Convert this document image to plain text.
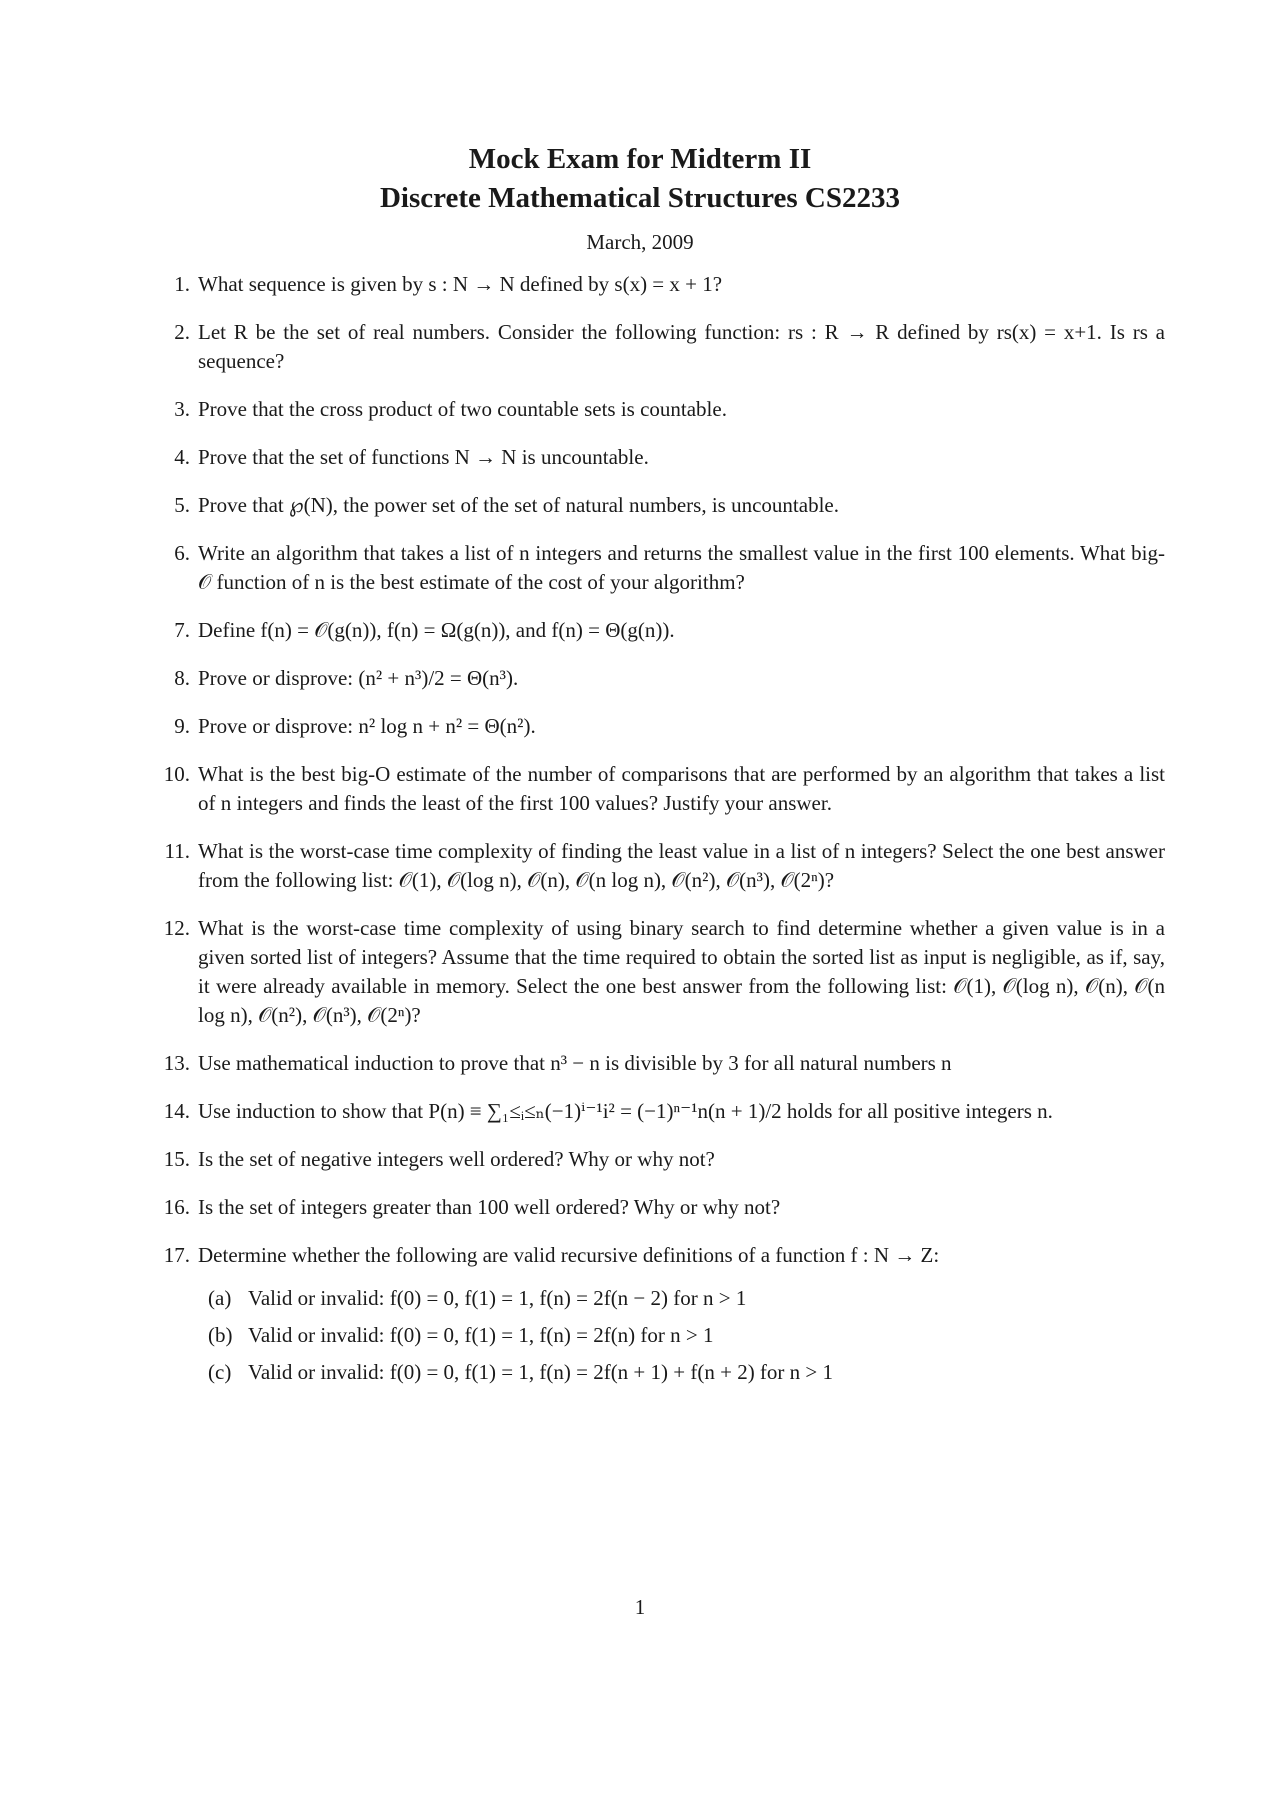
Mock Exam for Midterm II
Discrete Mathematical Structures CS2233
March, 2009
1. What sequence is given by s : N → N defined by s(x) = x + 1?
2. Let R be the set of real numbers. Consider the following function: rs : R → R defined by rs(x) = x+1. Is rs a sequence?
3. Prove that the cross product of two countable sets is countable.
4. Prove that the set of functions N → N is uncountable.
5. Prove that ℘(N), the power set of the set of natural numbers, is uncountable.
6. Write an algorithm that takes a list of n integers and returns the smallest value in the first 100 elements. What big-𝒪 function of n is the best estimate of the cost of your algorithm?
7. Define f(n) = 𝒪(g(n)), f(n) = Ω(g(n)), and f(n) = Θ(g(n)).
8. Prove or disprove: (n² + n³)/2 = Θ(n³).
9. Prove or disprove: n² log n + n² = Θ(n²).
10. What is the best big-O estimate of the number of comparisons that are performed by an algorithm that takes a list of n integers and finds the least of the first 100 values? Justify your answer.
11. What is the worst-case time complexity of finding the least value in a list of n integers? Select the one best answer from the following list: 𝒪(1), 𝒪(log n), 𝒪(n), 𝒪(n log n), 𝒪(n²), 𝒪(n³), 𝒪(2ⁿ)?
12. What is the worst-case time complexity of using binary search to find determine whether a given value is in a given sorted list of integers? Assume that the time required to obtain the sorted list as input is negligible, as if, say, it were already available in memory. Select the one best answer from the following list: 𝒪(1), 𝒪(log n), 𝒪(n), 𝒪(n log n), 𝒪(n²), 𝒪(n³), 𝒪(2ⁿ)?
13. Use mathematical induction to prove that n³ − n is divisible by 3 for all natural numbers n
14. Use induction to show that P(n) ≡ ∑₁≤ᵢ≤ₙ(−1)ⁱ⁻¹i² = (−1)ⁿ⁻¹n(n + 1)/2 holds for all positive integers n.
15. Is the set of negative integers well ordered? Why or why not?
16. Is the set of integers greater than 100 well ordered? Why or why not?
17. Determine whether the following are valid recursive definitions of a function f : N → Z:
(a) Valid or invalid: f(0) = 0, f(1) = 1, f(n) = 2f(n − 2) for n > 1
(b) Valid or invalid: f(0) = 0, f(1) = 1, f(n) = 2f(n) for n > 1
(c) Valid or invalid: f(0) = 0, f(1) = 1, f(n) = 2f(n + 1) + f(n + 2) for n > 1
1
